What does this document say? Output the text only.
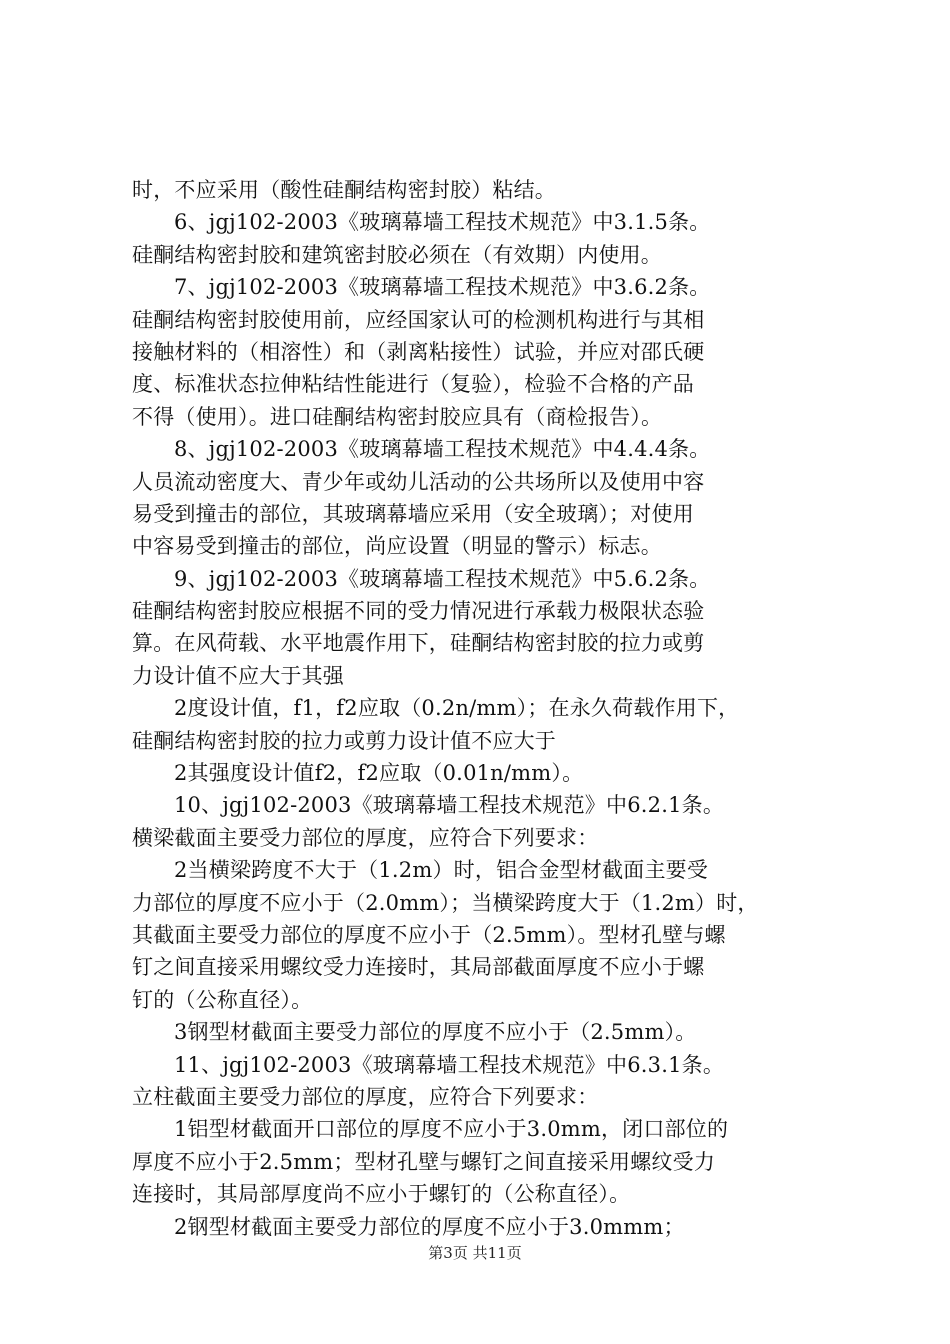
时，不应采用（酸性硅酮结构密封胶）粘结。
6、jgj102-2003《玻璃幕墙工程技术规范》中3.1.5条。
硅酮结构密封胶和建筑密封胶必须在（有效期）内使用。
7、jgj102-2003《玻璃幕墙工程技术规范》中3.6.2条。
硅酮结构密封胶使用前，应经国家认可的检测机构进行与其相
接触材料的（相溶性）和（剥离粘接性）试验，并应对邵氏硬
度、标准状态拉伸粘结性能进行（复验），检验不合格的产品
不得（使用）。进口硅酮结构密封胶应具有（商检报告）。
8、jgj102-2003《玻璃幕墙工程技术规范》中4.4.4条。
人员流动密度大、青少年或幼儿活动的公共场所以及使用中容
易受到撞击的部位，其玻璃幕墙应采用（安全玻璃）；对使用
中容易受到撞击的部位，尚应设置（明显的警示）标志。
9、jgj102-2003《玻璃幕墙工程技术规范》中5.6.2条。
硅酮结构密封胶应根据不同的受力情况进行承载力极限状态验
算。在风荷载、水平地震作用下，硅酮结构密封胶的拉力或剪
力设计值不应大于其强
2度设计值，f1，f2应取（0.2n/mm）；在永久荷载作用下，
硅酮结构密封胶的拉力或剪力设计值不应大于
2其强度设计值f2，f2应取（0.01n/mm）。
10、jgj102-2003《玻璃幕墙工程技术规范》中6.2.1条。
横梁截面主要受力部位的厚度，应符合下列要求：
2当横梁跨度不大于（1.2m）时，铝合金型材截面主要受
力部位的厚度不应小于（2.0mm）；当横梁跨度大于（1.2m）时，
其截面主要受力部位的厚度不应小于（2.5mm）。型材孔壁与螺
钉之间直接采用螺纹受力连接时，其局部截面厚度不应小于螺
钉的（公称直径）。
3钢型材截面主要受力部位的厚度不应小于（2.5mm）。
11、jgj102-2003《玻璃幕墙工程技术规范》中6.3.1条。
立柱截面主要受力部位的厚度，应符合下列要求：
1铝型材截面开口部位的厚度不应小于3.0mm，闭口部位的
厚度不应小于2.5mm；型材孔壁与螺钉之间直接采用螺纹受力
连接时，其局部厚度尚不应小于螺钉的（公称直径）。
2钢型材截面主要受力部位的厚度不应小于3.0mmm；
第3页 共11页
